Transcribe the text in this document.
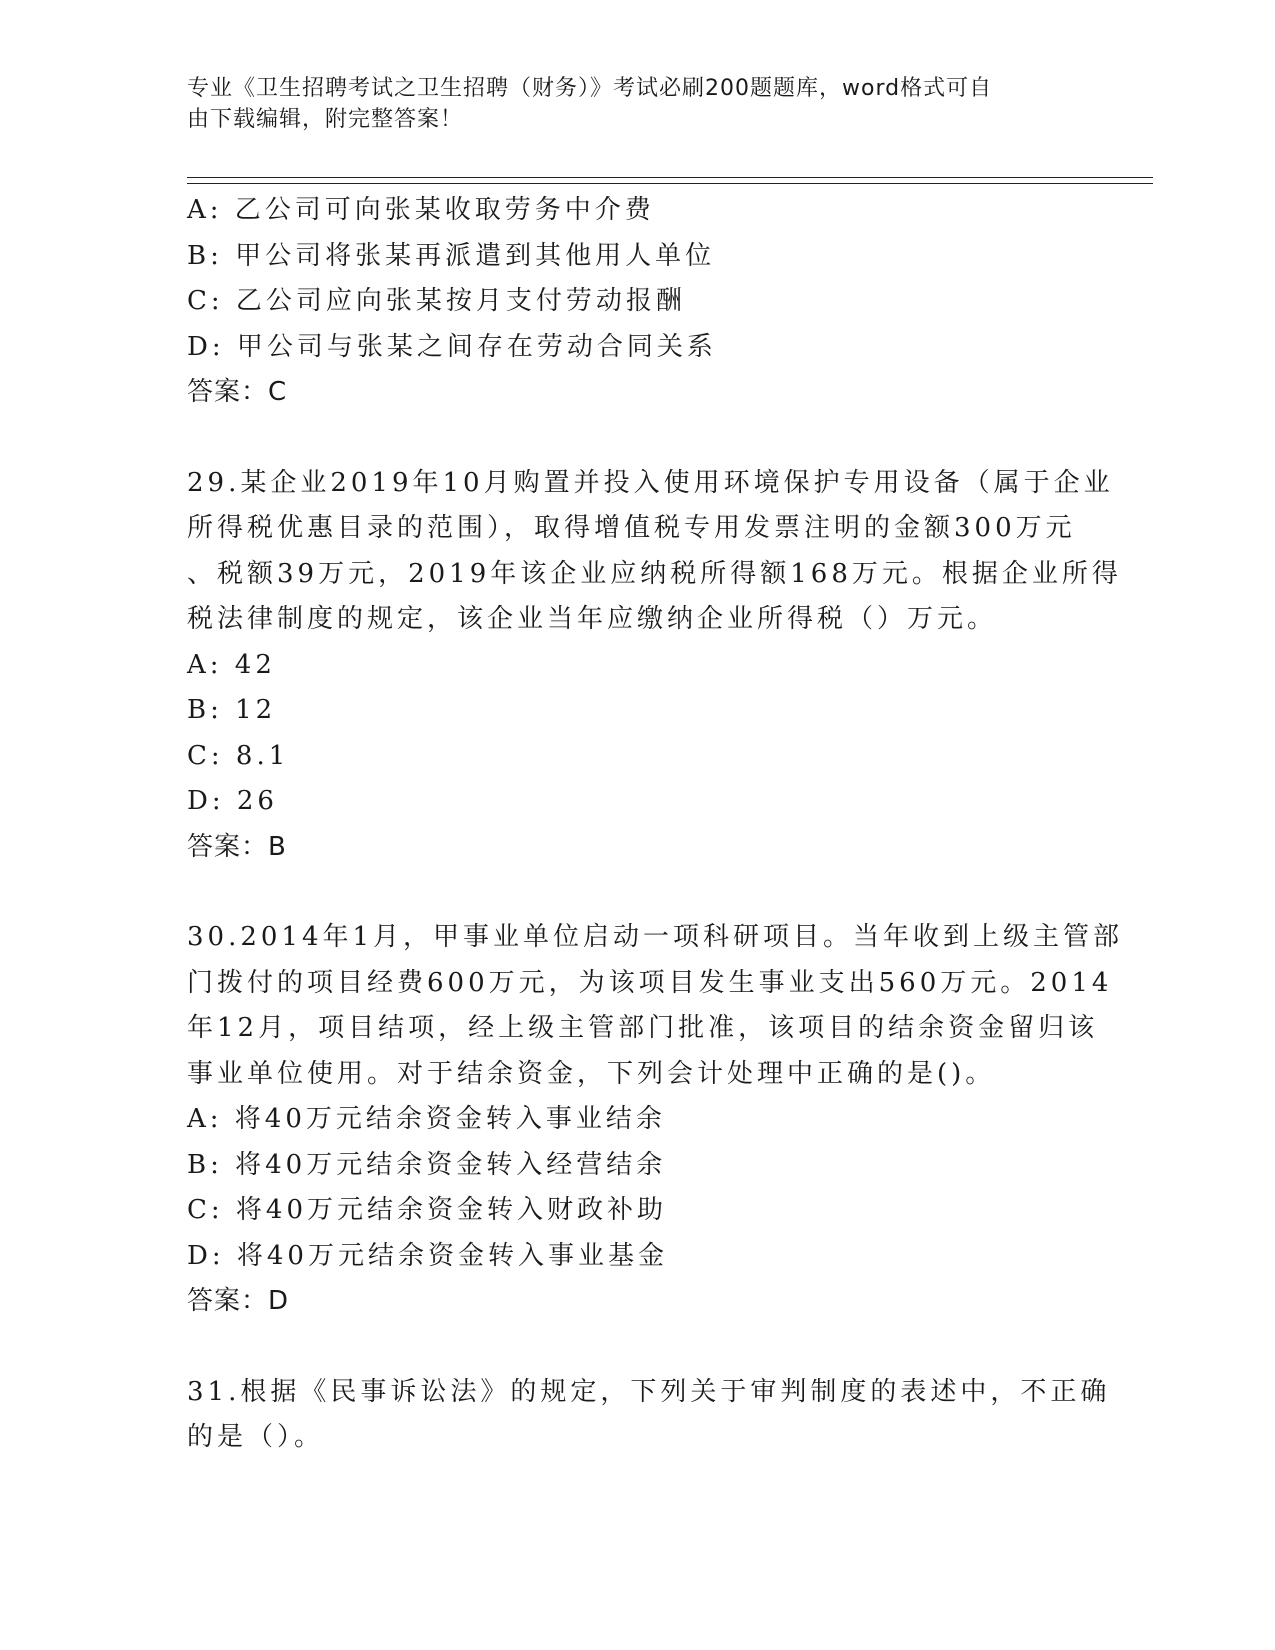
专业《卫生招聘考试之卫生招聘（财务）》考试必刷200题题库，word格式可自
由下载编辑，附完整答案！
A: 乙公司可向张某收取劳务中介费
B: 甲公司将张某再派遣到其他用人单位
C: 乙公司应向张某按月支付劳动报酬
D: 甲公司与张某之间存在劳动合同关系
答案：C
29.某企业2019年10月购置并投入使用环境保护专用设备（属于企业
所得税优惠目录的范围），取得增值税专用发票注明的金额300万元
、税额39万元，2019年该企业应纳税所得额168万元。根据企业所得
税法律制度的规定，该企业当年应缴纳企业所得税（）万元。
A: 42
B: 12
C: 8.1
D: 26
答案：B
30.2014年1月，甲事业单位启动一项科研项目。当年收到上级主管部
门拨付的项目经费600万元，为该项目发生事业支出560万元。2014
年12月，项目结项，经上级主管部门批准，该项目的结余资金留归该
事业单位使用。对于结余资金，下列会计处理中正确的是()。
A: 将40万元结余资金转入事业结余
B: 将40万元结余资金转入经营结余
C: 将40万元结余资金转入财政补助
D: 将40万元结余资金转入事业基金
答案：D
31.根据《民事诉讼法》的规定，下列关于审判制度的表述中，不正确
的是（）。
